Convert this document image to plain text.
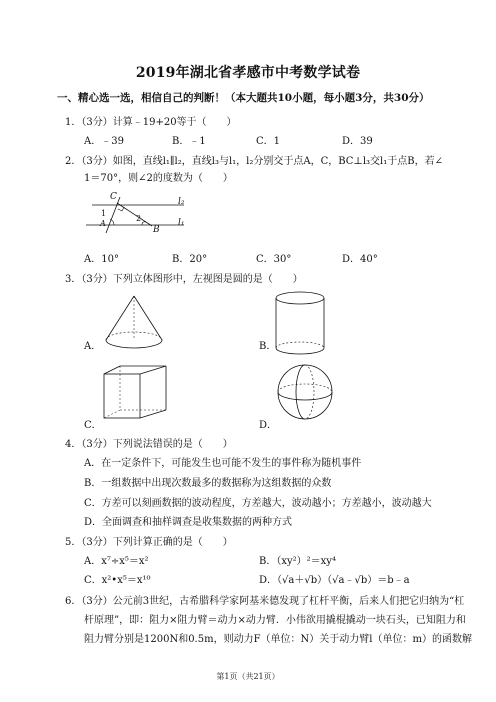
2019年湖北省孝感市中考数学试卷
一、精心选一选，相信自己的判断！（本大题共10小题，每小题3分，共30分）
1．（3分）计算﹣19+20等于（　　）
A．﹣39	B．﹣1	C．1	D．39
2．（3分）如图，直线l₁∥l₂，直线l₃与l₁，l₂分别交于点A，C，BC⊥l₃交l₁于点B，若∠
1＝70°，则∠2的度数为（　　）
C
1
A
2
B
l₂
l₁
A．10°	B．20°	C．30°	D．40°
3．（3分）下列立体图形中，左视图是圆的是（　　）
A．	B．
C．	D．
4．（3分）下列说法错误的是（　　）
A．在一定条件下，可能发生也可能不发生的事件称为随机事件
B．一组数据中出现次数最多的数据称为这组数据的众数
C．方差可以刻画数据的波动程度，方差越大，波动越小；方差越小，波动越大
D．全面调查和抽样调查是收集数据的两种方式
5．（3分）下列计算正确的是（　　）
A．x⁷÷x⁵＝x²	B．（xy²）²＝xy⁴
C．x²•x⁵＝x¹⁰	D．（√a＋√b）（√a﹣√b）＝b﹣a
6．（3分）公元前3世纪，古希腊科学家阿基米德发现了杠杆平衡，后来人们把它归纳为“杠
杆原理”，即：阻力×阻力臂＝动力×动力臂．小伟欲用撬棍撬动一块石头，已知阻力和
阻力臂分别是1200N和0.5m，则动力F（单位：N）关于动力臂l（单位：m）的函数解
第1页（共21页）
